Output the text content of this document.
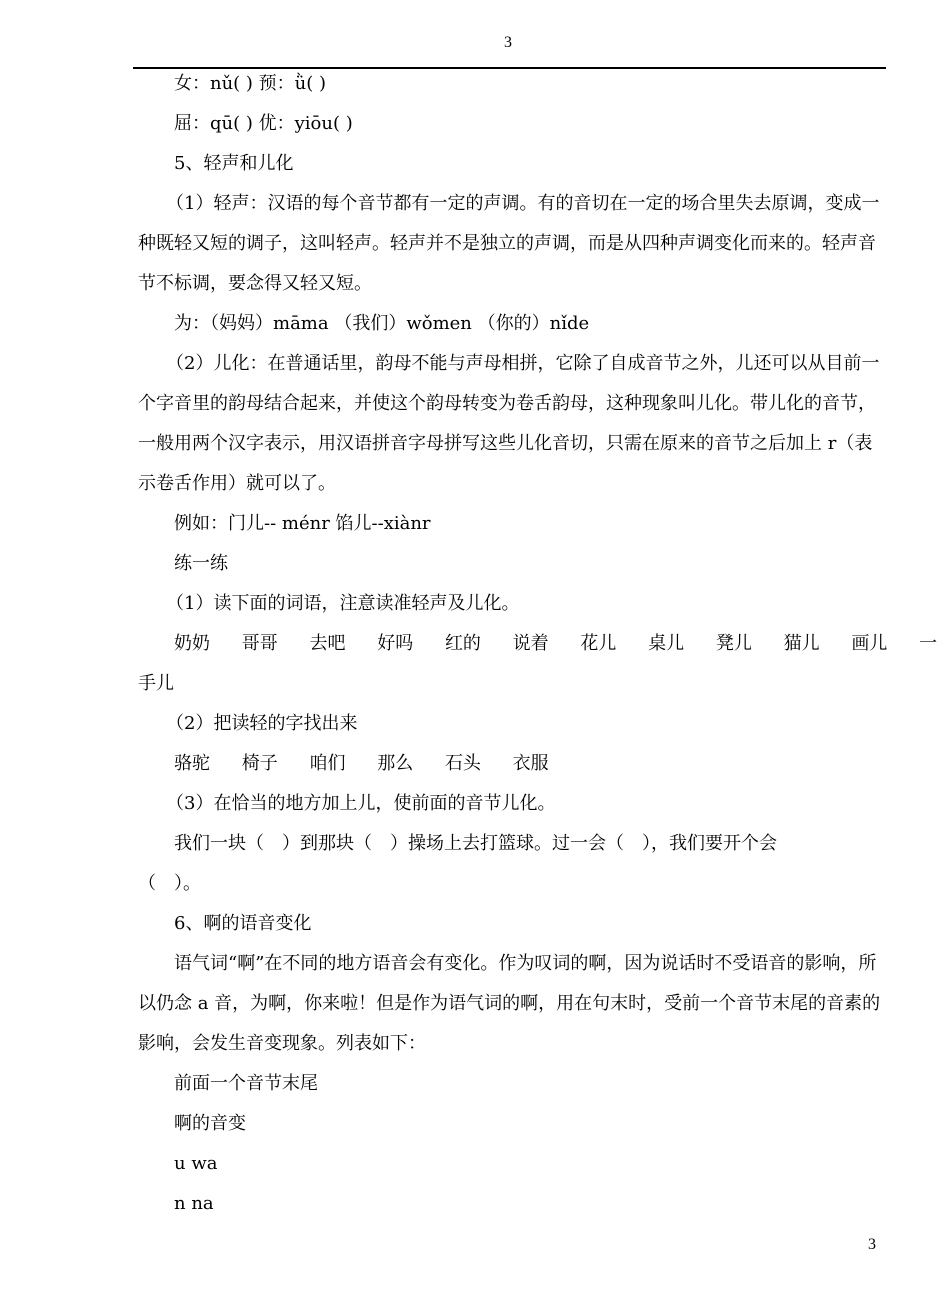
3

女：nǔ( ) 预：ǜ( )

屈：qū( ) 优：yiōu( )

5、轻声和儿化

（1）轻声：汉语的每个音节都有一定的声调。有的音切在一定的场合里失去原调，变成一种既轻又短的调子，这叫轻声。轻声并不是独立的声调，而是从四种声调变化而来的。轻声音节不标调，要念得又轻又短。

为：（妈妈）māma （我们）wǒmen （你的）nǐde

（2）儿化：在普通话里，韵母不能与声母相拼，它除了自成音节之外，儿还可以从目前一个字音里的韵母结合起来，并使这个韵母转变为卷舌韵母，这种现象叫儿化。带儿化的音节，一般用两个汉字表示，用汉语拼音字母拼写这些儿化音切，只需在原来的音节之后加上 r（表示卷舌作用）就可以了。

例如：门儿-- ménr 馅儿--xiànr

练一练

（1）读下面的词语，注意读准轻声及儿化。

奶奶 哥哥 去吧 好吗 红的 说着 花儿 桌儿 凳儿 猫儿 画儿 一

手儿

（2）把读轻的字找出来

骆驼 椅子 咱们 那么 石头 衣服

（3）在恰当的地方加上儿，使前面的音节儿化。

我们一块（　）到那块（　）操场上去打篮球。过一会（　），我们要开个会

（　）。

6、啊的语音变化

语气词“啊”在不同的地方语音会有变化。作为叹词的啊，因为说话时不受语音的影响，所以仍念 a 音，为啊，你来啦！但是作为语气词的啊，用在句末时，受前一个音节末尾的音素的影响，会发生音变现象。列表如下：

前面一个音节末尾

啊的音变

u wa

n na

3
